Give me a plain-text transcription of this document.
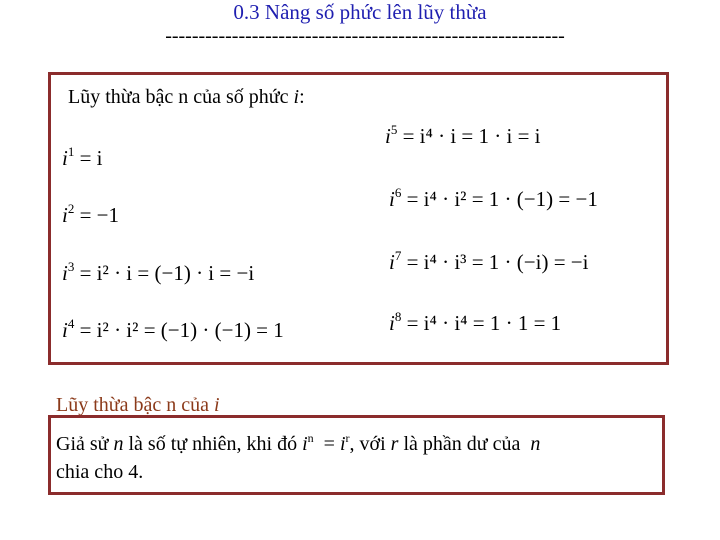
0.3 Nâng số phức lên lũy thừa
------------------------------------------------------------
Lũy thừa bậc n của số phức i:
$i^1 = i$
$i^2 = -1$
$i^3 = i^2 \cdot i = (-1) \cdot i = -i$
$i^4 = i^2 \cdot i^2 = (-1) \cdot (-1) = 1$
$i^5 = i^4 \cdot i = 1 \cdot i = i$
$i^6 = i^4 \cdot i^2 = 1 \cdot (-1) = -1$
$i^7 = i^4 \cdot i^3 = 1 \cdot (-i) = -i$
$i^8 = i^4 \cdot i^4 = 1 \cdot 1 = 1$
Lũy thừa bậc n của i
Giả sử n là số tự nhiên, khi đó $i^n = i^r$, với r là phần dư của  n
chia cho 4.
